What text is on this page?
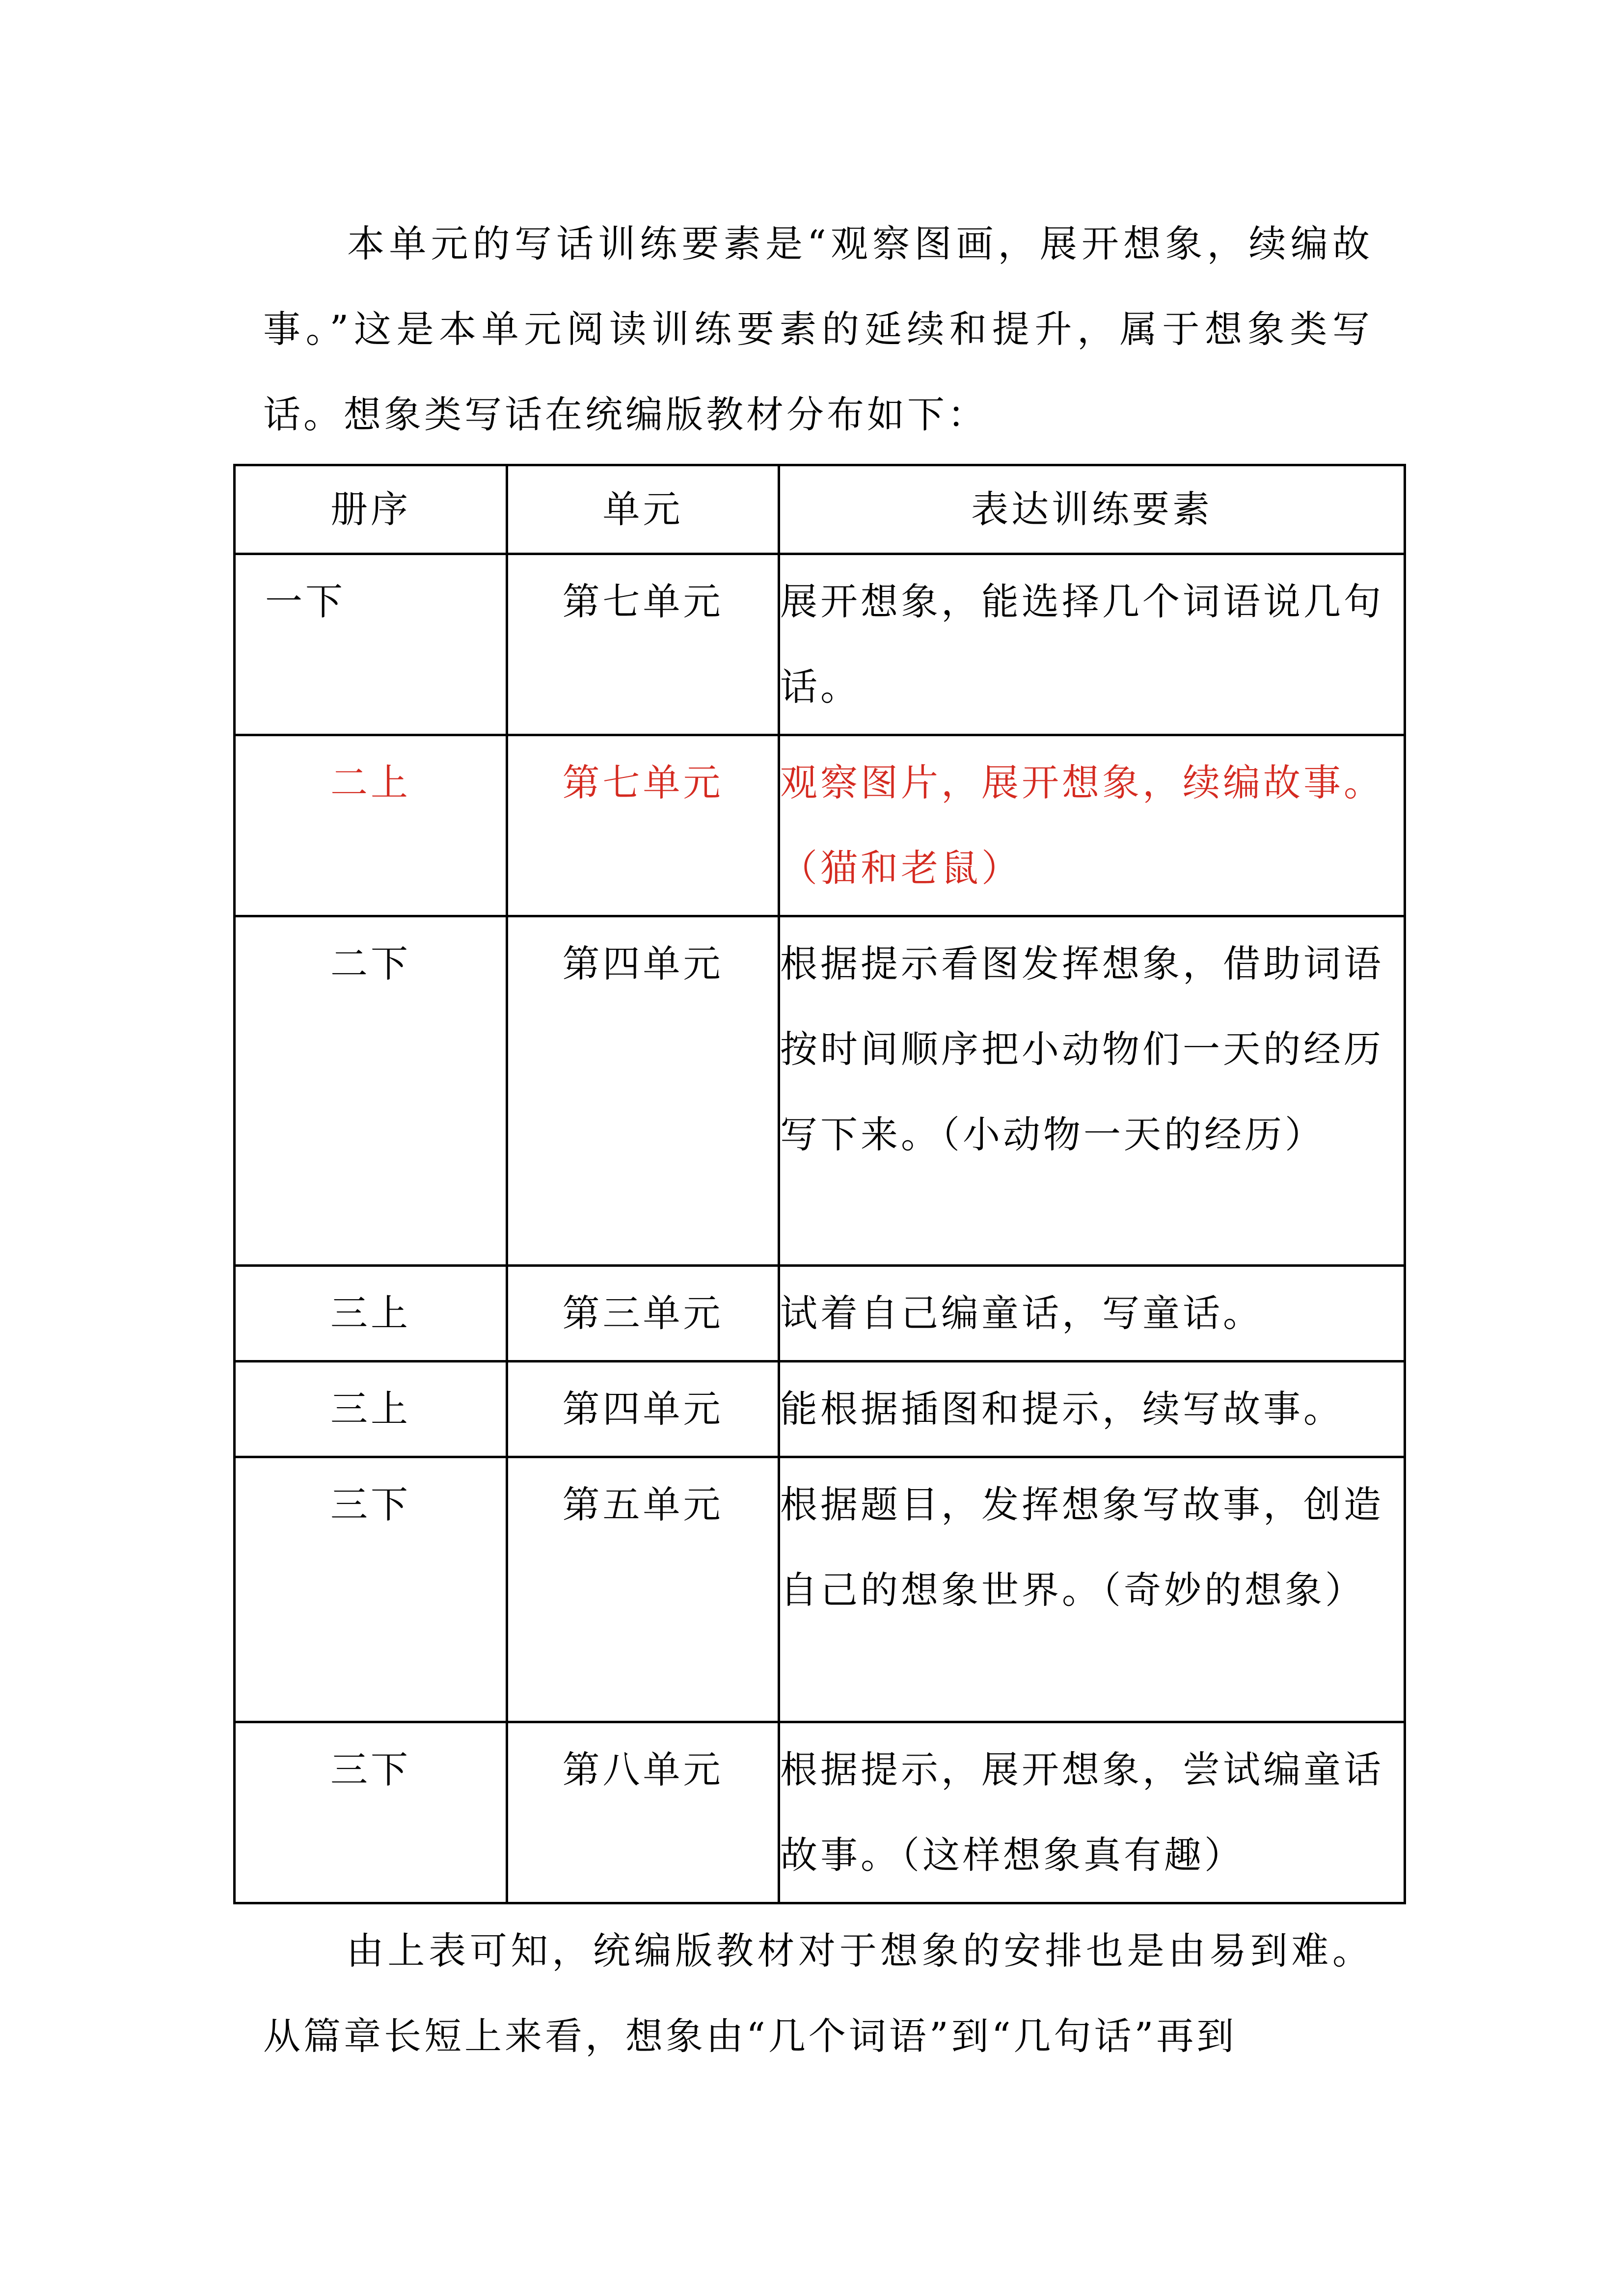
本单元的写话训练要素是“观察图画，展开想象，续编故事。”这是本单元阅读训练要素的延续和提升，属于想象类写话。想象类写话在统编版教材分布如下：

册序	单元	表达训练要素
一下	第七单元	展开想象，能选择几个词语说几句话。
二上	第七单元	观察图片，展开想象，续编故事。
（猫和老鼠）
二下	第四单元	根据提示看图发挥想象，借助词语按时间顺序把小动物们一天的经历写下来。（小动物一天的经历）
三上	第三单元	试着自己编童话，写童话。
三上	第四单元	能根据插图和提示，续写故事。
三下	第五单元	根据题目，发挥想象写故事，创造自己的想象世界。（奇妙的想象）
三下	第八单元	根据提示，展开想象，尝试编童话故事。（这样想象真有趣）

由上表可知，统编版教材对于想象的安排也是由易到难。从篇章长短上来看，想象由“几个词语”到“几句话”再到
